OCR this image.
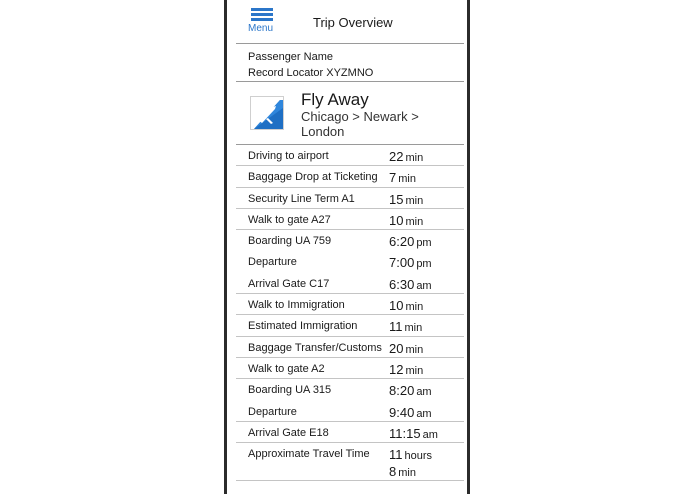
Menu	Trip Overview
Passenger Name
Record Locator XYZMNO
Fly Away
Chicago > Newark > London
Driving to airport	22 min
Baggage Drop at Ticketing 7 min
Security Line Term A1	15 min
Walk to gate A27	10 min
Boarding UA 759	6:20 pm
Departure	7:00 pm
Arrival Gate C17	6:30 am
Walk to Immigration	10 min
Estimated Immigration 11 min
Baggage Transfer/Customs 20 min
Walk to gate A2	12 min
Boarding UA 315	8:20 am
Departure	9:40 am
Arrival Gate E18	11:15 am
Approximate Travel Time 11 hours
8 min
